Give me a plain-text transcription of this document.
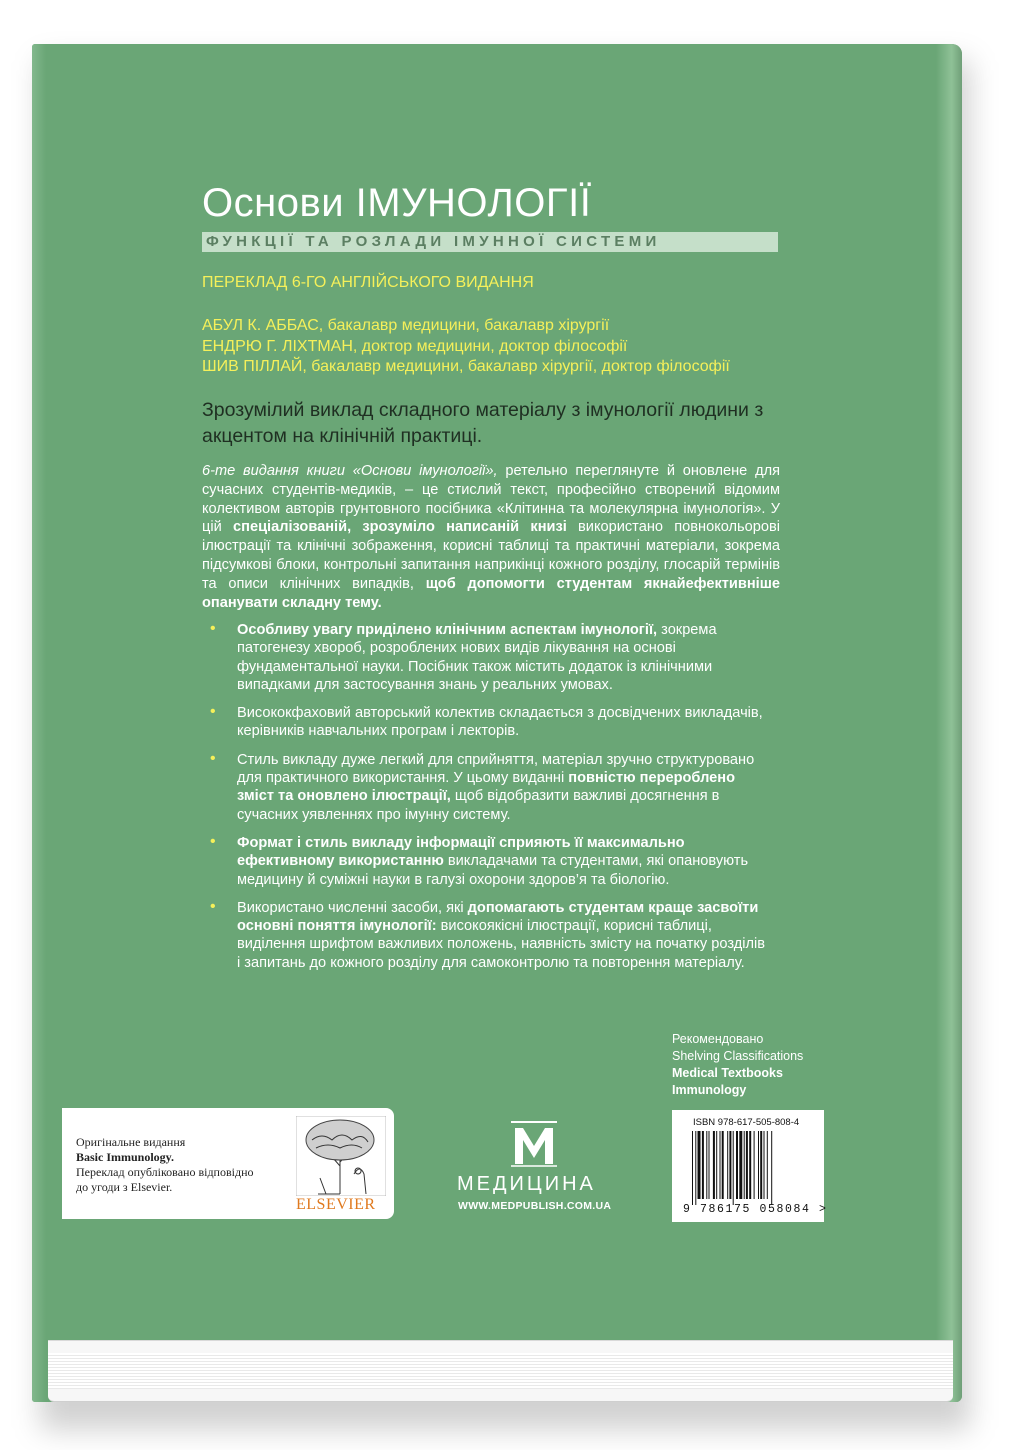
Основи ІМУНОЛОГІЇ
ФУНКЦІЇ ТА РОЗЛАДИ ІМУННОЇ СИСТЕМИ
ПЕРЕКЛАД 6-ГО АНГЛІЙСЬКОГО ВИДАННЯ
АБУЛ К. АББАС, бакалавр медицини, бакалавр хірургії
ЕНДРЮ Г. ЛІХТМАН, доктор медицини, доктор філософії
ШИВ ПІЛЛАЙ, бакалавр медицини, бакалавр хірургії, доктор філософії
Зрозумілий виклад складного матеріалу з імунології людини з акцентом на клінічній практиці.
6-те видання книги «Основи імунології», ретельно переглянуте й оновлене для сучасних студентів-медиків, – це стислий текст, професійно створений відомим колективом авторів грунтовного посібника «Клітинна та молекулярна імунологія». У цій спеціалізованій, зрозуміло написаній книзі використано повнокольорові ілюстрації та клінічні зображення, корисні таблиці та практичні матеріали, зокрема підсумкові блоки, контрольні запитання наприкінці кожного розділу, глосарій термінів та описи клінічних випадків, щоб допомогти студентам якнайефективніше опанувати складну тему.
• Особливу увагу приділено клінічним аспектам імунології, зокрема патогенезу хвороб, розроблених нових видів лікування на основі фундаментальної науки. Посібник також містить додаток із клінічними випадками для застосування знань у реальних умовах.
• Висококфаховий авторський колектив складається з досвідчених викладачів, керівників навчальних програм і лекторів.
• Стиль викладу дуже легкий для сприйняття, матеріал зручно структуровано для практичного використання. У цьому виданні повністю перероблено зміст та оновлено ілюстрації, щоб відобразити важливі досягнення в сучасних уявленнях про імунну систему.
• Формат і стиль викладу інформації сприяють її максимально ефективному використанню викладачами та студентами, які опановують медицину й суміжні науки в галузі охорони здоров’я та біологію.
• Використано численні засоби, які допомагають студентам краще засвоїти основні поняття імунології: високоякісні ілюстрації, корисні таблиці, виділення шрифтом важливих положень, наявність змісту на початку розділів і запитань до кожного розділу для самоконтролю та повторення матеріалу.
Рекомендовано
Shelving Classifications
Medical Textbooks
Immunology
ISBN 978-617-505-808-4
9 786175 058084 >
Оригінальне видання
Basic Immunology.
Переклад опубліковано відповідно
до угоди з Elsevier.
ELSEVIER
МЕДИЦИНА
WWW.MEDPUBLISH.COM.UA
